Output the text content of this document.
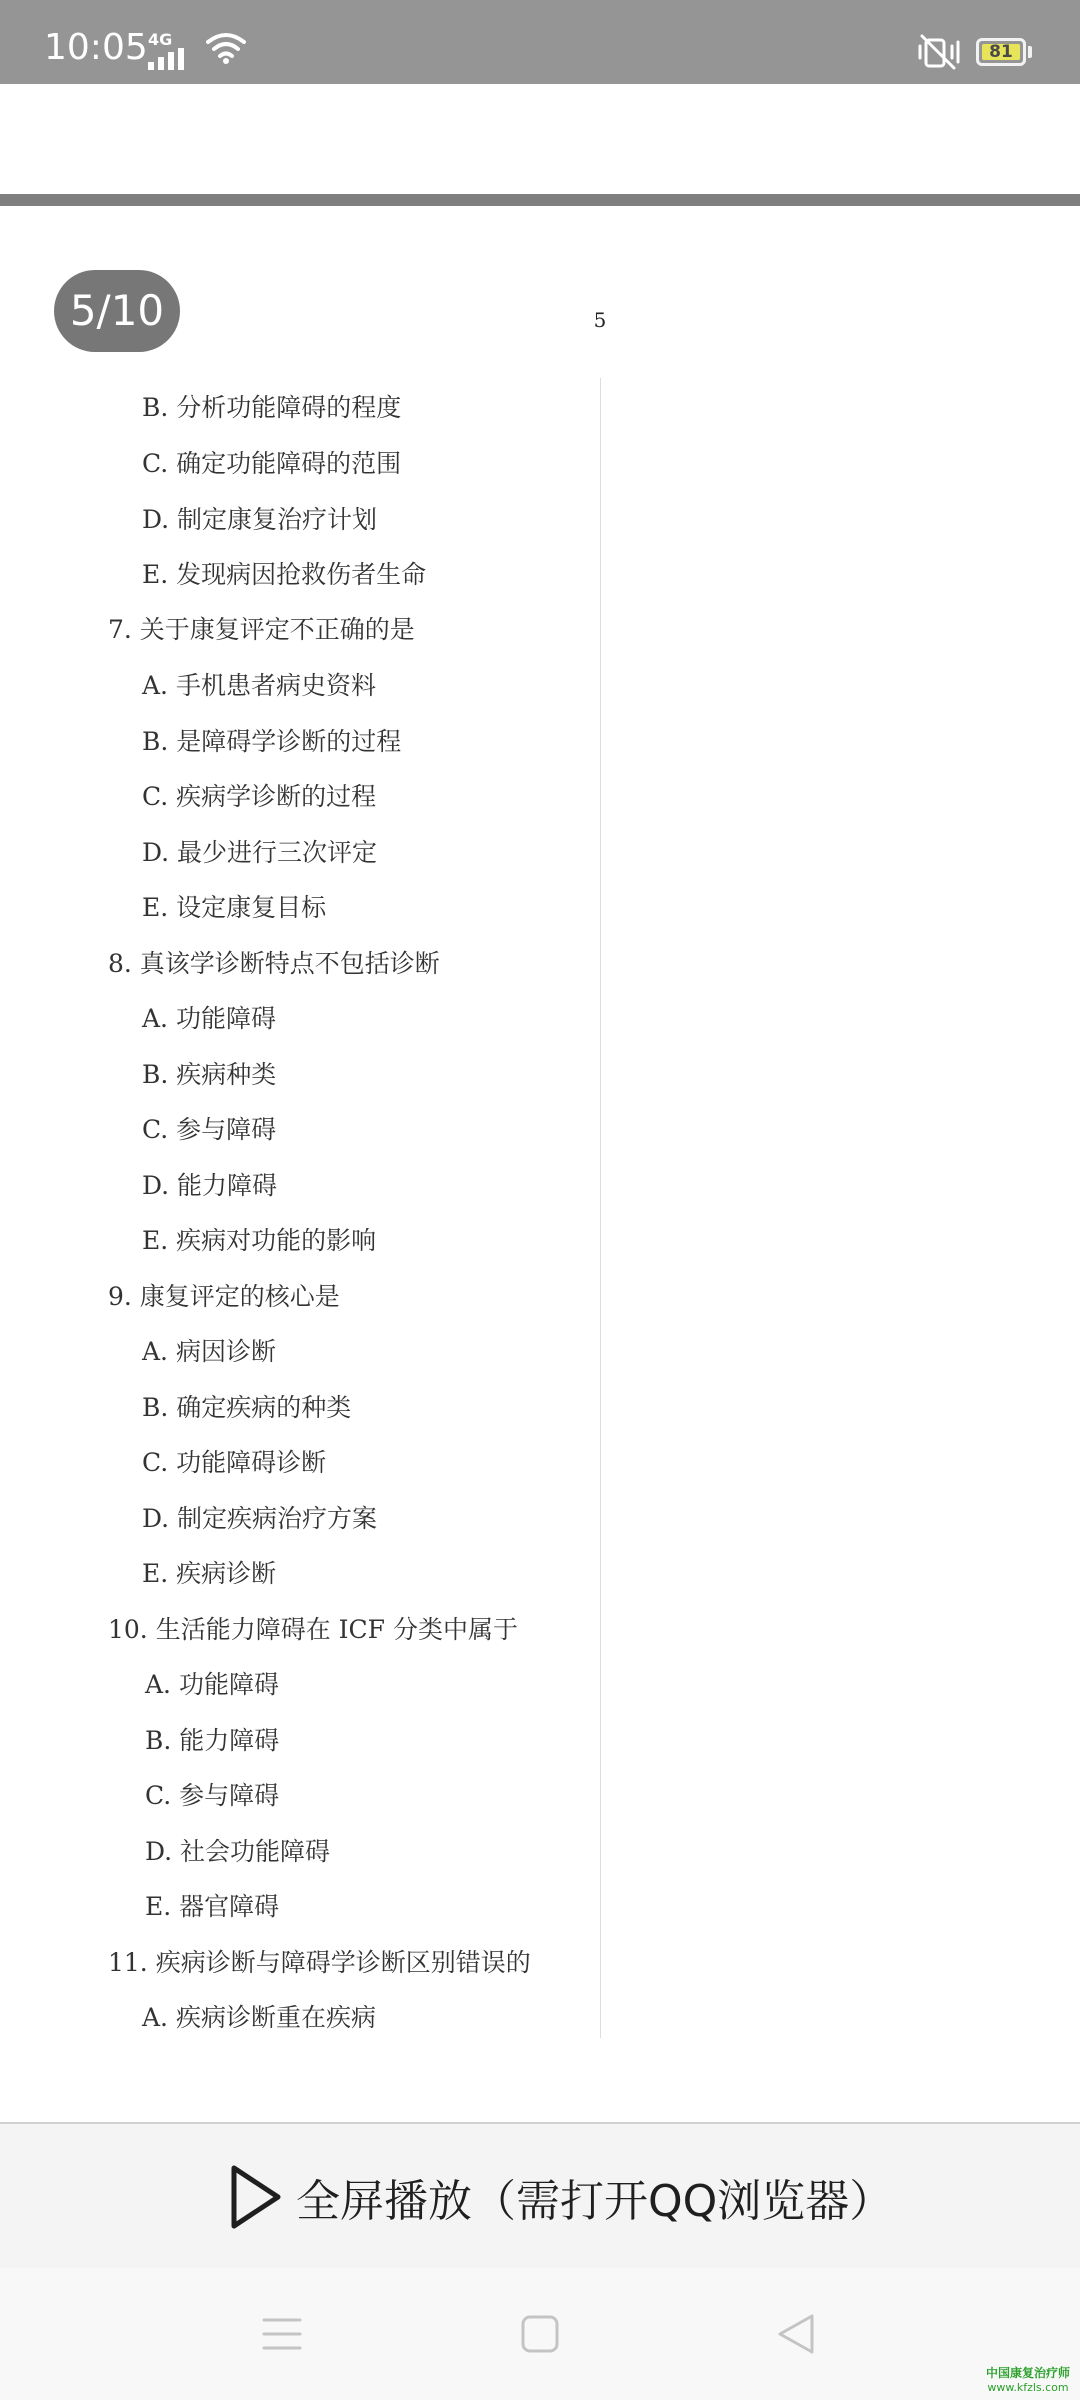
10:05 4G
81
5/10	5
B. 分析功能障碍的程度
C. 确定功能障碍的范围
D. 制定康复治疗计划
E. 发现病因抢救伤者生命
7. 关于康复评定不正确的是
A. 手机患者病史资料
B. 是障碍学诊断的过程
C. 疾病学诊断的过程
D. 最少进行三次评定
E. 设定康复目标
8. 真该学诊断特点不包括诊断
A. 功能障碍
B. 疾病种类
C. 参与障碍
D. 能力障碍
E. 疾病对功能的影响
9. 康复评定的核心是
A. 病因诊断
B. 确定疾病的种类
C. 功能障碍诊断
D. 制定疾病治疗方案
E. 疾病诊断
10. 生活能力障碍在 ICF 分类中属于
A. 功能障碍
B. 能力障碍
C. 参与障碍
D. 社会功能障碍
E. 器官障碍
11. 疾病诊断与障碍学诊断区别错误的
A. 疾病诊断重在疾病
全屏播放（需打开QQ浏览器）
中国康复治疗师
www.kfzls.com
